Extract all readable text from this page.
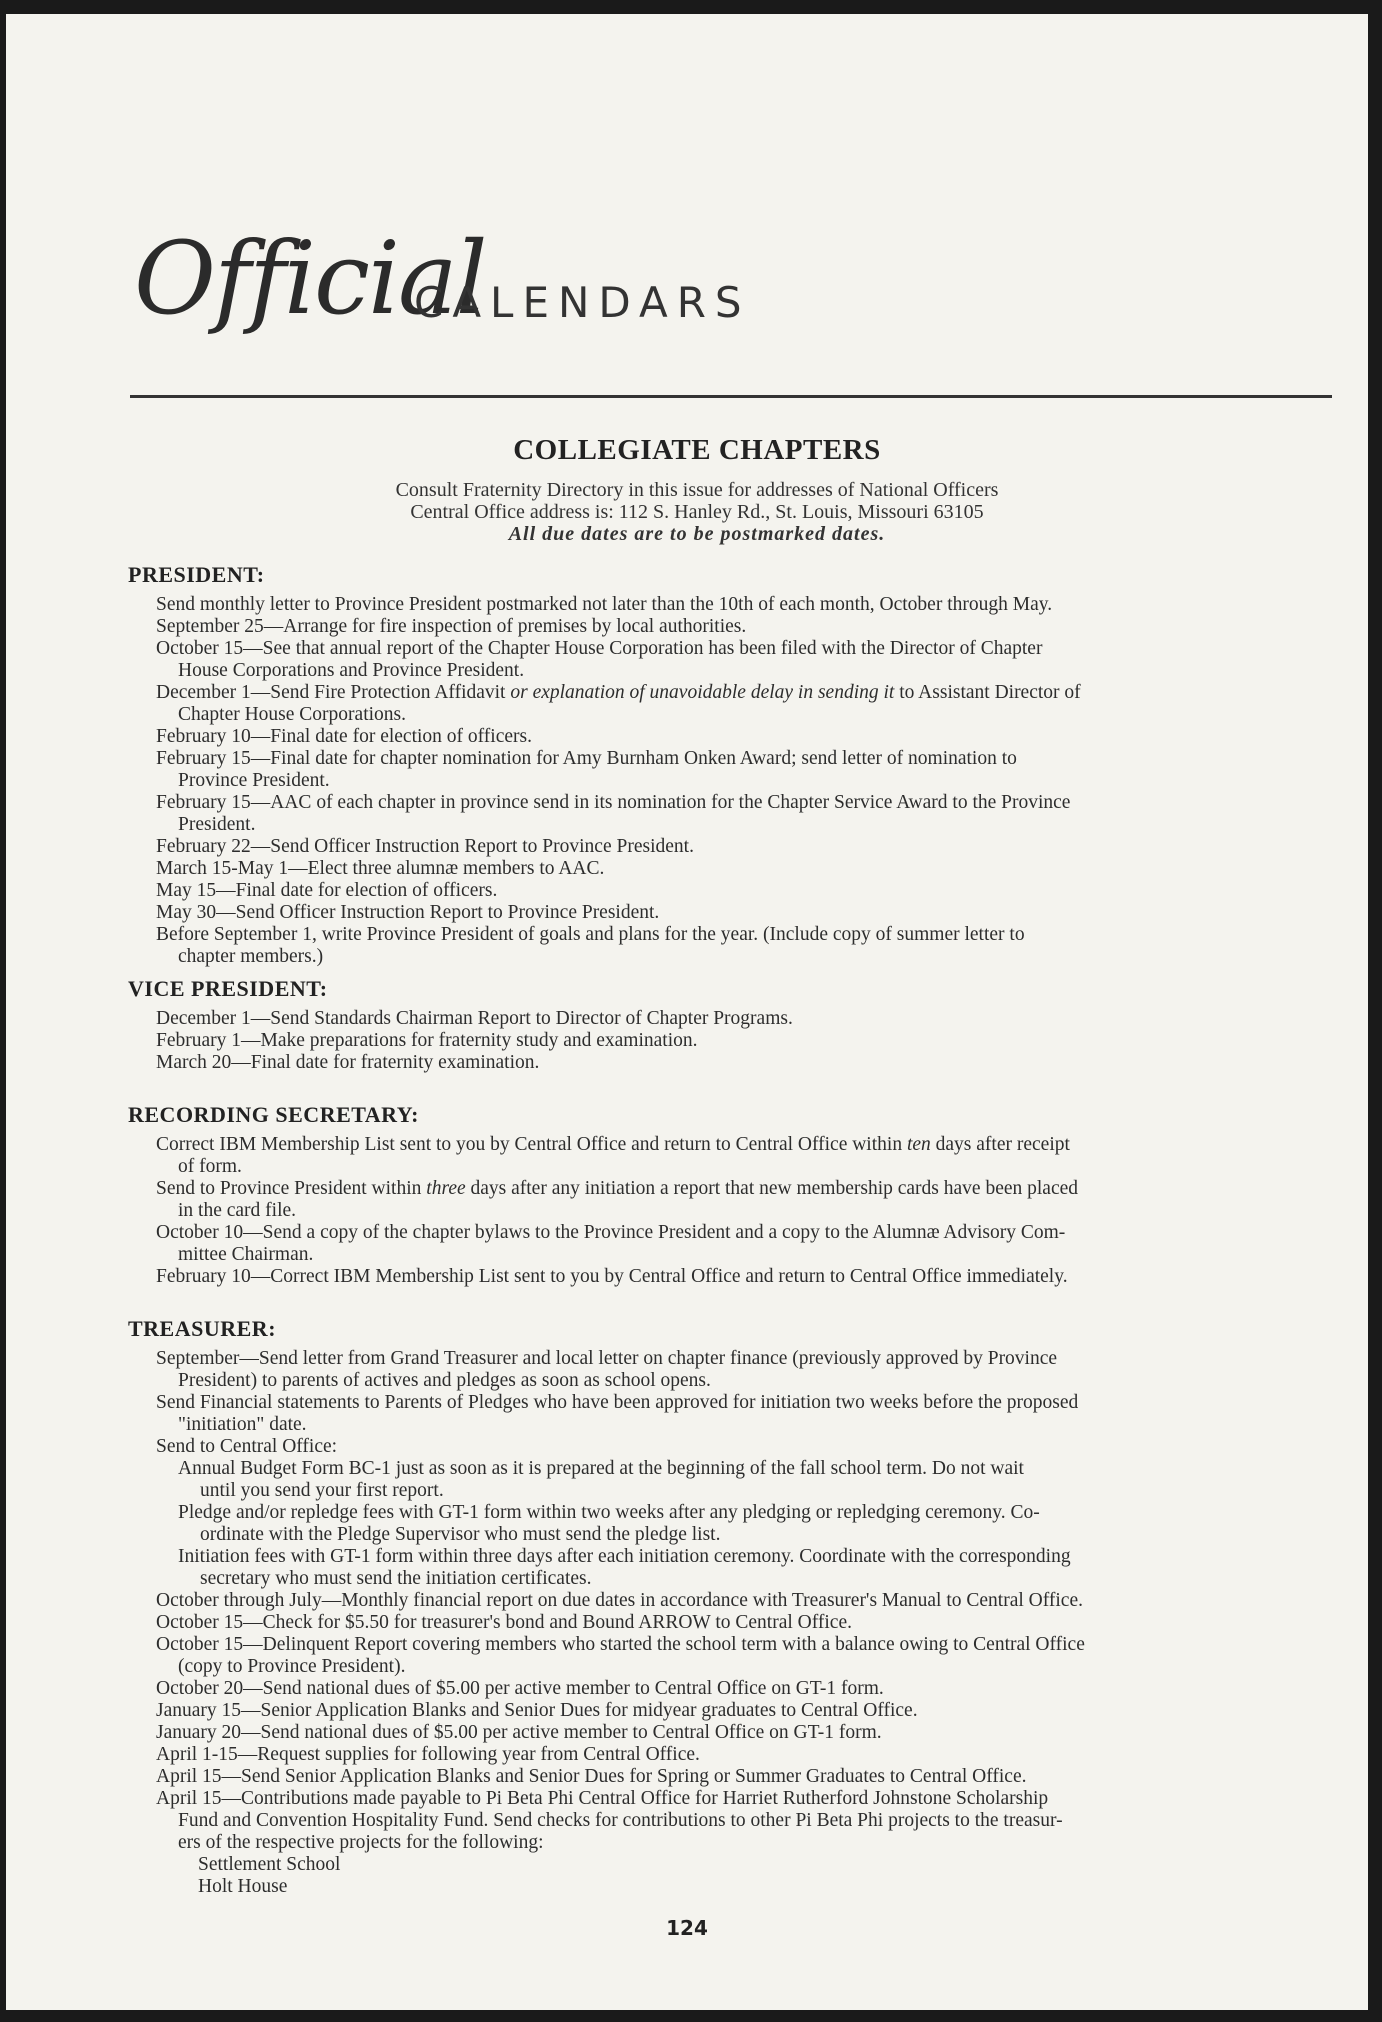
Official
CALENDARS
COLLEGIATE CHAPTERS
Consult Fraternity Directory in this issue for addresses of National Officers
Central Office address is: 112 S. Hanley Rd., St. Louis, Missouri 63105
All due dates are to be postmarked dates.
PRESIDENT:
Send monthly letter to Province President postmarked not later than the 10th of each month, October through May.
September 25—Arrange for fire inspection of premises by local authorities.
October 15—See that annual report of the Chapter House Corporation has been filed with the Director of Chapter
House Corporations and Province President.
December 1—Send Fire Protection Affidavit or explanation of unavoidable delay in sending it to Assistant Director of
Chapter House Corporations.
February 10—Final date for election of officers.
February 15—Final date for chapter nomination for Amy Burnham Onken Award; send letter of nomination to
Province President.
February 15—AAC of each chapter in province send in its nomination for the Chapter Service Award to the Province
President.
February 22—Send Officer Instruction Report to Province President.
March 15-May 1—Elect three alumnæ members to AAC.
May 15—Final date for election of officers.
May 30—Send Officer Instruction Report to Province President.
Before September 1, write Province President of goals and plans for the year. (Include copy of summer letter to
chapter members.)
VICE PRESIDENT:
December 1—Send Standards Chairman Report to Director of Chapter Programs.
February 1—Make preparations for fraternity study and examination.
March 20—Final date for fraternity examination.
RECORDING SECRETARY:
Correct IBM Membership List sent to you by Central Office and return to Central Office within ten days after receipt
of form.
Send to Province President within three days after any initiation a report that new membership cards have been placed
in the card file.
October 10—Send a copy of the chapter bylaws to the Province President and a copy to the Alumnæ Advisory Com-
mittee Chairman.
February 10—Correct IBM Membership List sent to you by Central Office and return to Central Office immediately.
TREASURER:
September—Send letter from Grand Treasurer and local letter on chapter finance (previously approved by Province
President) to parents of actives and pledges as soon as school opens.
Send Financial statements to Parents of Pledges who have been approved for initiation two weeks before the proposed
"initiation" date.
Send to Central Office:
Annual Budget Form BC-1 just as soon as it is prepared at the beginning of the fall school term. Do not wait
until you send your first report.
Pledge and/or repledge fees with GT-1 form within two weeks after any pledging or repledging ceremony. Co-
ordinate with the Pledge Supervisor who must send the pledge list.
Initiation fees with GT-1 form within three days after each initiation ceremony. Coordinate with the corresponding
secretary who must send the initiation certificates.
October through July—Monthly financial report on due dates in accordance with Treasurer's Manual to Central Office.
October 15—Check for $5.50 for treasurer's bond and Bound ARROW to Central Office.
October 15—Delinquent Report covering members who started the school term with a balance owing to Central Office
(copy to Province President).
October 20—Send national dues of $5.00 per active member to Central Office on GT-1 form.
January 15—Senior Application Blanks and Senior Dues for midyear graduates to Central Office.
January 20—Send national dues of $5.00 per active member to Central Office on GT-1 form.
April 1-15—Request supplies for following year from Central Office.
April 15—Send Senior Application Blanks and Senior Dues for Spring or Summer Graduates to Central Office.
April 15—Contributions made payable to Pi Beta Phi Central Office for Harriet Rutherford Johnstone Scholarship
Fund and Convention Hospitality Fund. Send checks for contributions to other Pi Beta Phi projects to the treasur-
ers of the respective projects for the following:
Settlement School
Holt House
124
